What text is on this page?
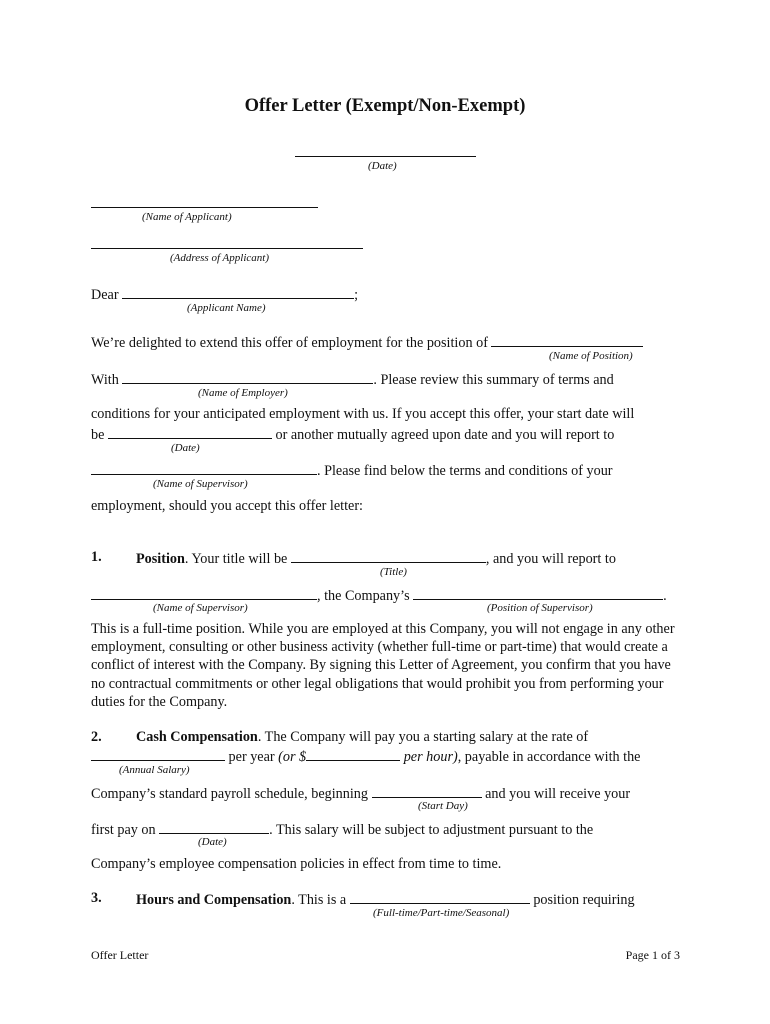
Offer Letter (Exempt/Non-Exempt)
(Date)
(Name of Applicant)
(Address of Applicant)
Dear	;
(Applicant Name)
We’re delighted to extend this offer of employment for the position of
(Name of Position)
With	. Please review this summary of terms and
(Name of Employer)
conditions for your anticipated employment with us. If you accept this offer, your start date will
be	or another mutually agreed upon date and you will report to
(Date)
. Please find below the terms and conditions of your
(Name of Supervisor)
employment, should you accept this offer letter:
1. Position. Your title will be	, and you will report to
(Title)
, the Company’s	.
(Name of Supervisor)	(Position of Supervisor)
This is a full-time position. While you are employed at this Company, you will not engage in any other employment, consulting or other business activity (whether full-time or part-time) that would create a conflict of interest with the Company. By signing this Letter of Agreement, you confirm that you have no contractual commitments or other legal obligations that would prohibit you from performing your duties for the Company.
2. Cash Compensation. The Company will pay you a starting salary at the rate of
per year (or $	per hour), payable in accordance with the
(Annual Salary)
Company’s standard payroll schedule, beginning	and you will receive your
(Start Day)
first pay on	. This salary will be subject to adjustment pursuant to the
(Date)
Company’s employee compensation policies in effect from time to time.
3. Hours and Compensation. This is a	position requiring
(Full-time/Part-time/Seasonal)
Offer Letter	Page 1 of 3
